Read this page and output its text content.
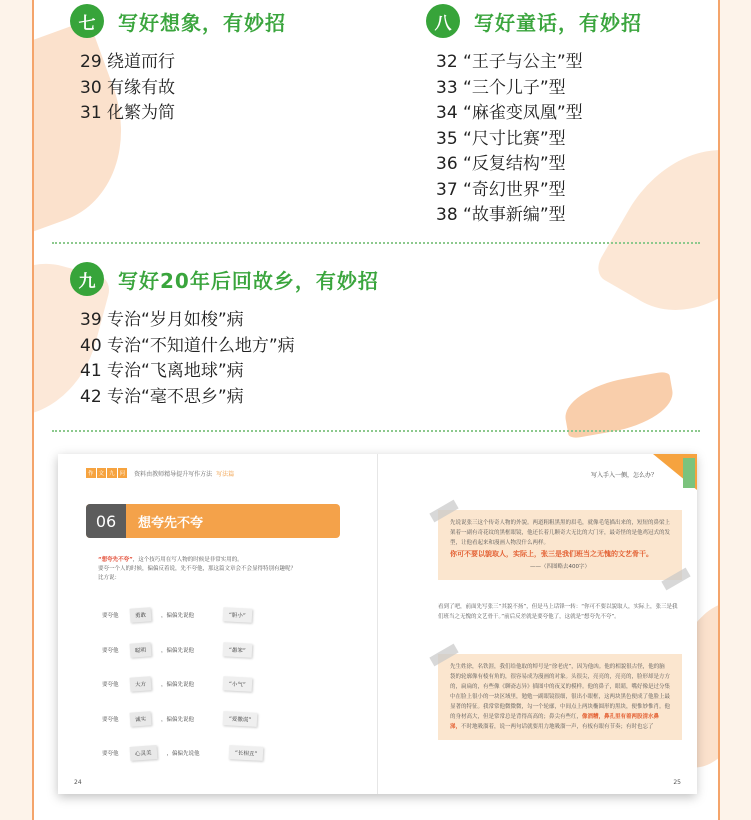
七	写好想象，有妙招
29 绕道而行
30 有缘有故
31 化繁为简
八	写好童话，有妙招
32 “王子与公主”型
33 “三个儿子”型
34 “麻雀变凤凰”型
35 “尺寸比赛”型
36 “反复结构”型
37 “奇幻世界”型
38 “故事新编”型
九	写好20年后回故乡，有妙招
39 专治“岁月如梭”病
40 专治“不知道什么地方”病
41 专治“飞离地球”病
42 专治“毫不思乡”病
作 文 九 问	资料由教师精导提升写作方法 写法篇
06	想夸先不夸
“想夸先不夸”，这个技巧用在写人物的时候是非常实用的。
要夸一个人的时候，偏偏反着说，先不夸他，那这篇文章会不会显得特别有趣呢？
比方说：
要夸他	勇敢	，偏偏先说他	“胆小”
要夸他	聪明	，偏偏先说他	“愚笨”
要夸他	大方	，偏偏先说他	“小气”
要夸他	诚实	，偏偏先说他	“爱撒谎”
要夸他	心灵美	，偏偏先说他	“长相丑”
24
写入手入一侧，怎么办？
先说说张三这个传奇人物的外貌。两道粗粗黑黑的眉毛，就像毛笔描出来的，短短的鼻梁上架着一副有奇花纹的黑框眼镜，他还长着几颗奇大无比的大门牙，最奇怪的是他鸡冠式的发型，让他看起来和漫画人物没什么两样。
你可不要以貌取人，实际上，张三是我们班当之无愧的文艺骨干。
——（四图略去400字）
看到了吧，前面先写张三“其貌不扬”，但是马上话锋一转：“你可不要以貌取人，实际上，张三是我们班当之无愧的文艺骨干。”前后反差就是要夸他了，这就是“想夸先不夸”。
先生姓徐，名铁涯，我们给他取的绰号是“徐老虎”，因为他凶。他的相貌很古怪，他的脑袋的轮廓像有棱有角的，很容易成为漫画的对象。头很尖，亮亮的，亮亮的，脸形却是方方的，扁扁的，有些像《聊斋志异》插图中的夜叉的模样。他的鼻子，眼睛，嘴好像是过分集中在脸上很小的一块区域里，勉勉一副眼镜很细，很出小眼框，这两块黑色便成了他脸上最显著的特征。我常常他微微微，勾一个轮廓，中间点上两块椭圆形的黑块，便惟妙惟肖。他的身材高大，但是常常总是背得高高的；鼻尖有些红，像酒糟，鼻孔里有着两股清水鼻涕，不时地吸溜着，说一两句话就要用力地吸溜一声，有板有眼有节奏；有时也忘了
25
